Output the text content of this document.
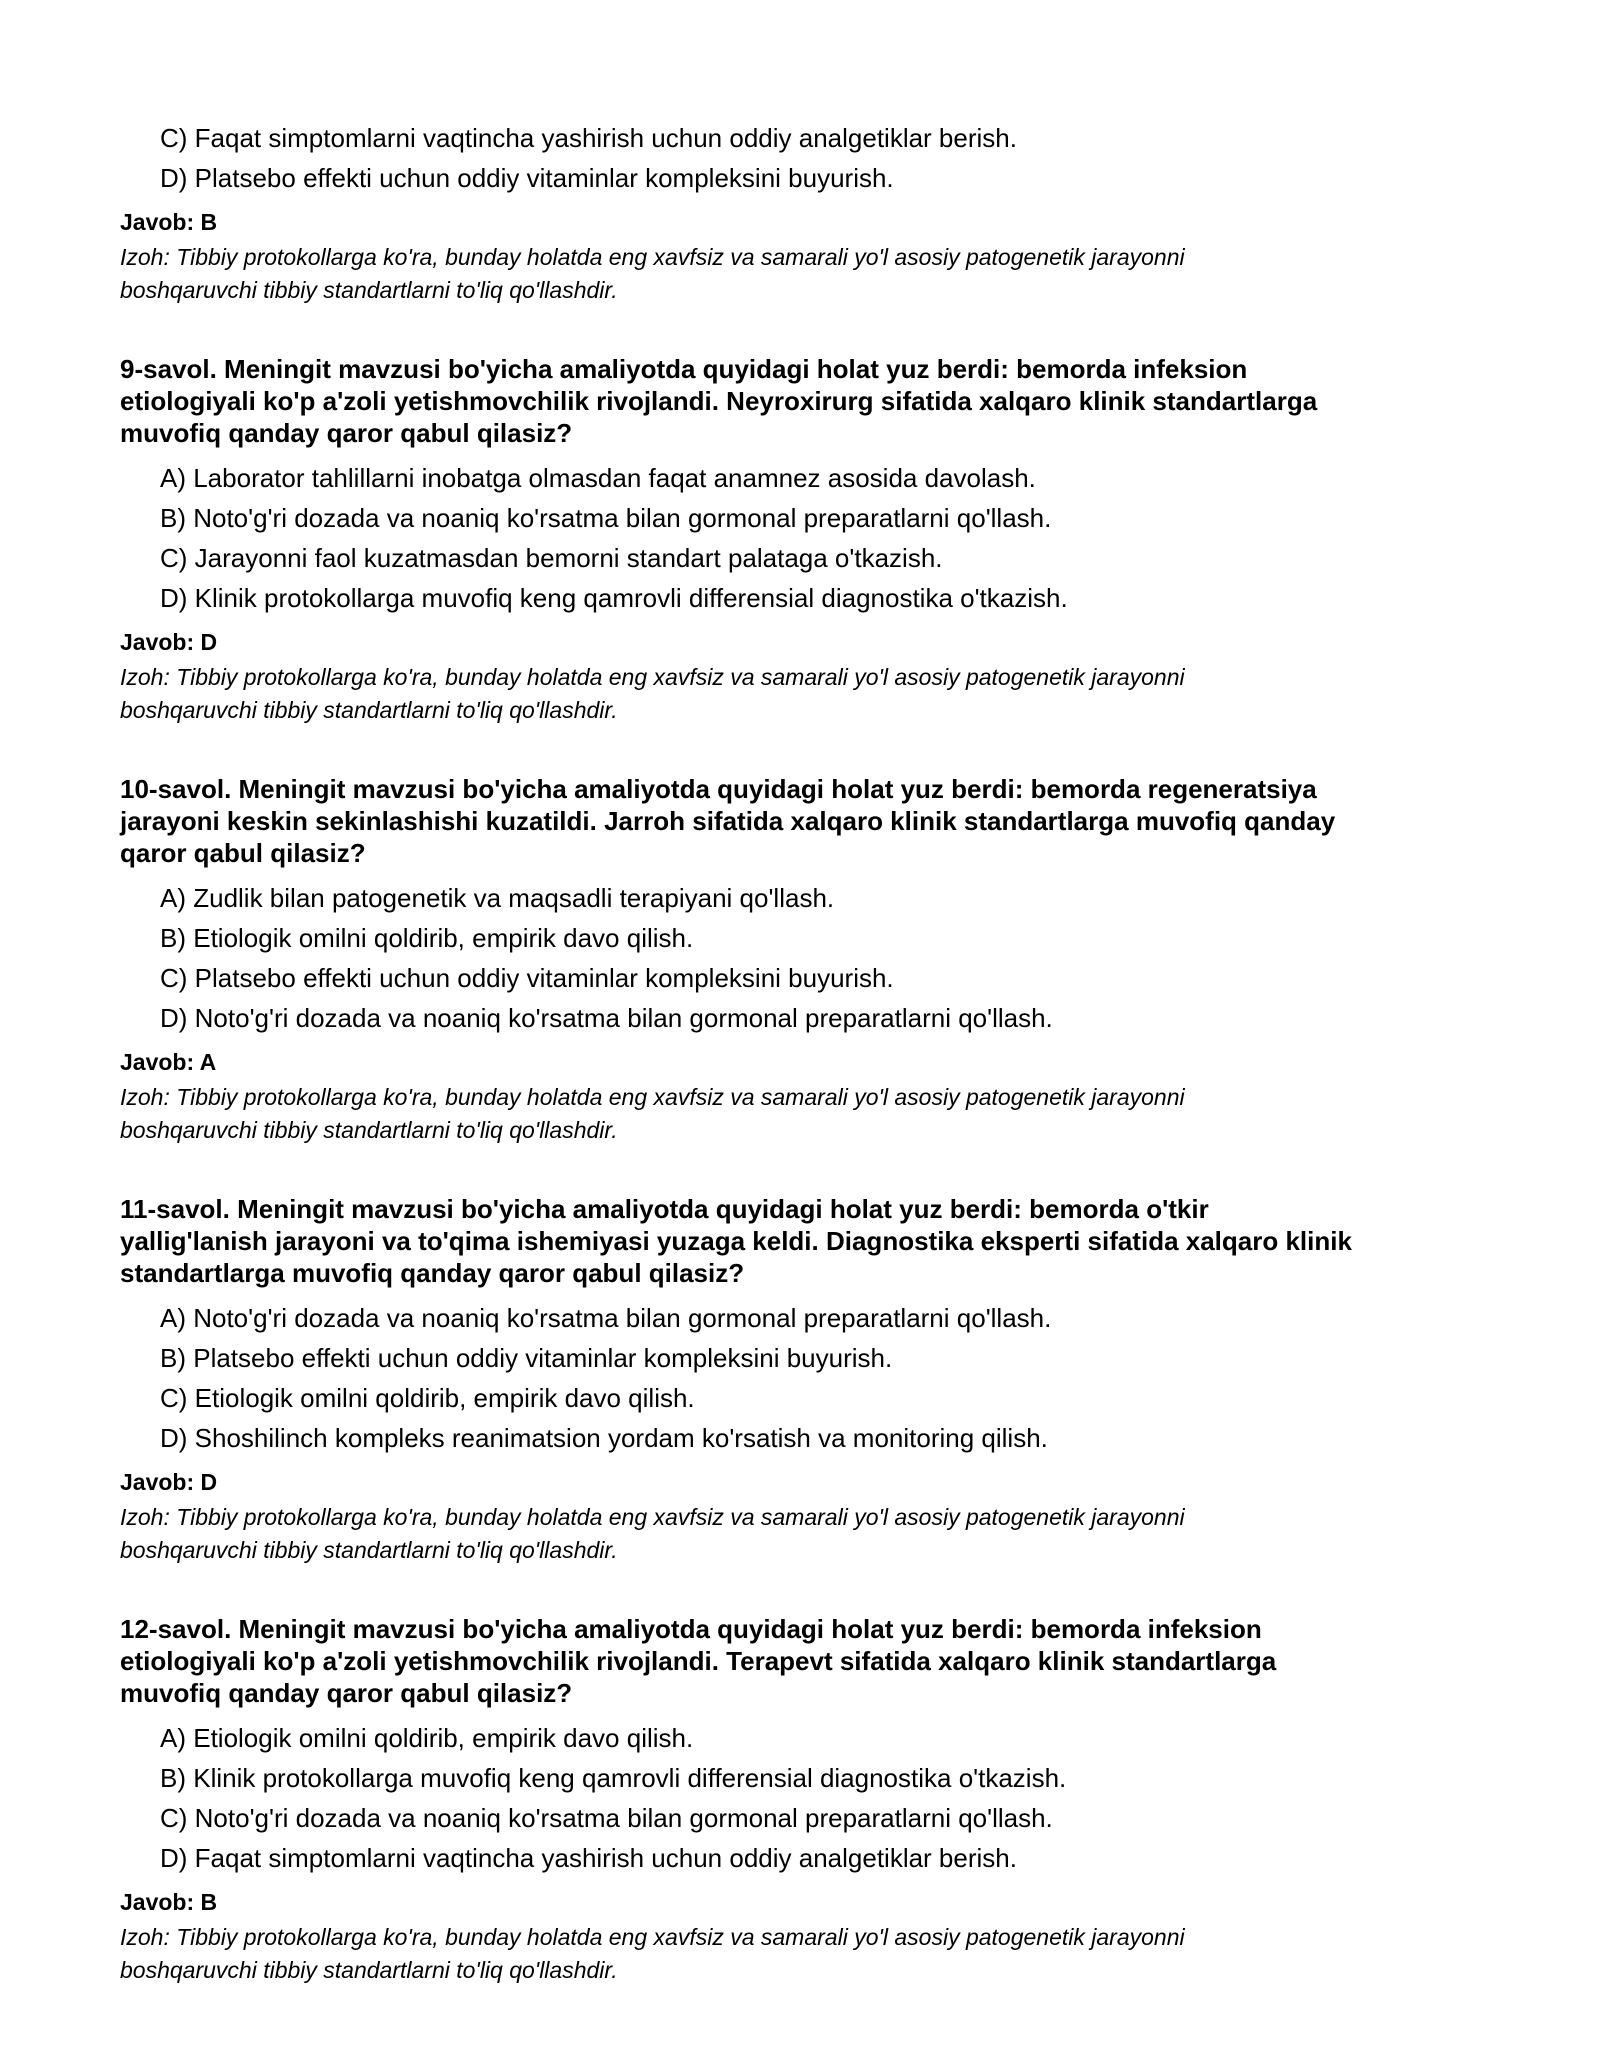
C) Faqat simptomlarni vaqtincha yashirish uchun oddiy analgetiklar berish.
D) Platsebo effekti uchun oddiy vitaminlar kompleksini buyurish.
Javob: B
Izoh: Tibbiy protokollarga ko'ra, bunday holatda eng xavfsiz va samarali yo'l asosiy patogenetik jarayonni
boshqaruvchi tibbiy standartlarni to'liq qo'llashdir.
9-savol. Meningit mavzusi bo'yicha amaliyotda quyidagi holat yuz berdi: bemorda infeksion
etiologiyali ko'p a'zoli yetishmovchilik rivojlandi. Neyroxirurg sifatida xalqaro klinik standartlarga
muvofiq qanday qaror qabul qilasiz?
A) Laborator tahlillarni inobatga olmasdan faqat anamnez asosida davolash.
B) Noto'g'ri dozada va noaniq ko'rsatma bilan gormonal preparatlarni qo'llash.
C) Jarayonni faol kuzatmasdan bemorni standart palataga o'tkazish.
D) Klinik protokollarga muvofiq keng qamrovli differensial diagnostika o'tkazish.
Javob: D
Izoh: Tibbiy protokollarga ko'ra, bunday holatda eng xavfsiz va samarali yo'l asosiy patogenetik jarayonni
boshqaruvchi tibbiy standartlarni to'liq qo'llashdir.
10-savol. Meningit mavzusi bo'yicha amaliyotda quyidagi holat yuz berdi: bemorda regeneratsiya
jarayoni keskin sekinlashishi kuzatildi. Jarroh sifatida xalqaro klinik standartlarga muvofiq qanday
qaror qabul qilasiz?
A) Zudlik bilan patogenetik va maqsadli terapiyani qo'llash.
B) Etiologik omilni qoldirib, empirik davo qilish.
C) Platsebo effekti uchun oddiy vitaminlar kompleksini buyurish.
D) Noto'g'ri dozada va noaniq ko'rsatma bilan gormonal preparatlarni qo'llash.
Javob: A
Izoh: Tibbiy protokollarga ko'ra, bunday holatda eng xavfsiz va samarali yo'l asosiy patogenetik jarayonni
boshqaruvchi tibbiy standartlarni to'liq qo'llashdir.
11-savol. Meningit mavzusi bo'yicha amaliyotda quyidagi holat yuz berdi: bemorda o'tkir
yallig'lanish jarayoni va to'qima ishemiyasi yuzaga keldi. Diagnostika eksperti sifatida xalqaro klinik
standartlarga muvofiq qanday qaror qabul qilasiz?
A) Noto'g'ri dozada va noaniq ko'rsatma bilan gormonal preparatlarni qo'llash.
B) Platsebo effekti uchun oddiy vitaminlar kompleksini buyurish.
C) Etiologik omilni qoldirib, empirik davo qilish.
D) Shoshilinch kompleks reanimatsion yordam ko'rsatish va monitoring qilish.
Javob: D
Izoh: Tibbiy protokollarga ko'ra, bunday holatda eng xavfsiz va samarali yo'l asosiy patogenetik jarayonni
boshqaruvchi tibbiy standartlarni to'liq qo'llashdir.
12-savol. Meningit mavzusi bo'yicha amaliyotda quyidagi holat yuz berdi: bemorda infeksion
etiologiyali ko'p a'zoli yetishmovchilik rivojlandi. Terapevt sifatida xalqaro klinik standartlarga
muvofiq qanday qaror qabul qilasiz?
A) Etiologik omilni qoldirib, empirik davo qilish.
B) Klinik protokollarga muvofiq keng qamrovli differensial diagnostika o'tkazish.
C) Noto'g'ri dozada va noaniq ko'rsatma bilan gormonal preparatlarni qo'llash.
D) Faqat simptomlarni vaqtincha yashirish uchun oddiy analgetiklar berish.
Javob: B
Izoh: Tibbiy protokollarga ko'ra, bunday holatda eng xavfsiz va samarali yo'l asosiy patogenetik jarayonni
boshqaruvchi tibbiy standartlarni to'liq qo'llashdir.
